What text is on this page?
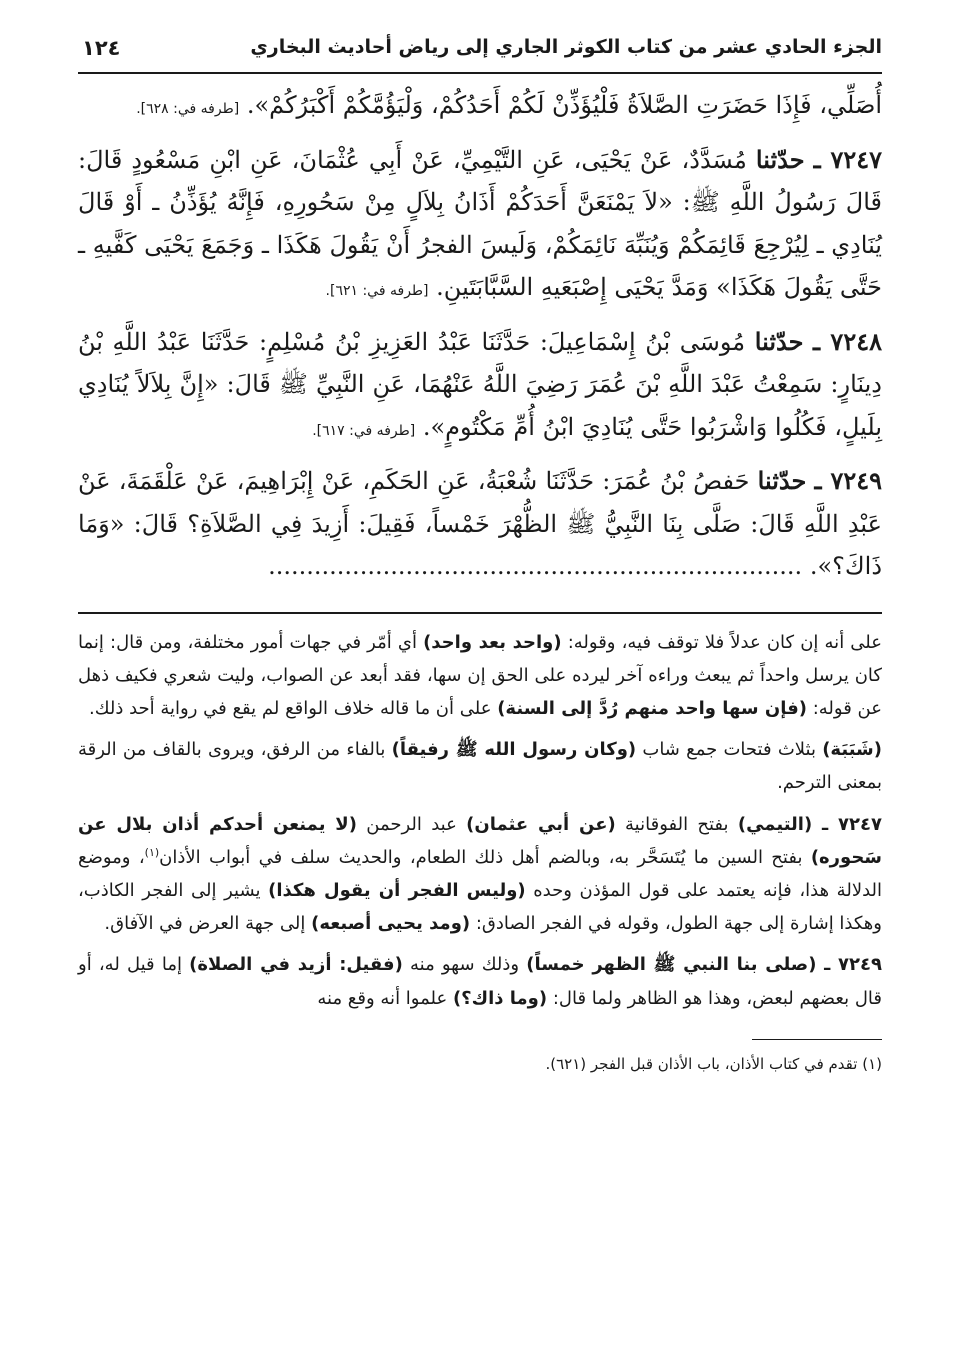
الجزء الحادي عشر من كتاب الكوثر الجاري إلى رياض أحاديث البخاري
١٢٤

أُصَلِّي، فَإِذَا حَضَرَتِ الصَّلاَةُ فَلْيُؤَذِّنْ لَكُمْ أَحَدُكُمْ، وَلْيَؤُمَّكُمْ أَكْبَرُكُمْ». [طرفه في: ٦٢٨].

٧٢٤٧ ـ حدّثنا مُسَدَّدٌ، عَنْ يَحْيَى، عَنِ التَّيْمِيِّ، عَنْ أَبِي عُثْمَانَ، عَنِ ابْنِ مَسْعُودٍ قَالَ: قَالَ رَسُولُ اللَّهِ ﷺ: «لاَ يَمْنَعَنَّ أَحَدَكُمْ أَذَانُ بِلاَلٍ مِنْ سَحُورِهِ، فَإِنَّهُ يُؤَذِّنُ ـ أَوْ قَالَ يُنَادِي ـ لِيُرْجِعَ قَائِمَكُمْ وَيُنَبِّهَ نَائِمَكُمْ، وَلَيسَ الفجرُ أَنْ يَقُولَ هَكَذَا ـ وَجَمَعَ يَحْيَى كَفَّيهِ ـ حَتَّى يَقُولَ هَكَذَا» وَمَدَّ يَحْيَى إِصْبَعَيهِ السَّبَّابَتَينِ. [طرفه في: ٦٢١].

٧٢٤٨ ـ حدّثنا مُوسَى بْنُ إِسْمَاعِيلَ: حَدَّثَنَا عَبْدُ العَزِيزِ بْنُ مُسْلِمٍ: حَدَّثَنَا عَبْدُ اللَّهِ بْنُ دِينَارٍ: سَمِعْتُ عَبْدَ اللَّهِ بْنَ عُمَرَ رَضِيَ اللَّهُ عَنْهُمَا، عَنِ النَّبِيِّ ﷺ قَالَ: «إِنَّ بِلاَلاً يُنَادِي بِلَيلٍ، فَكُلُوا وَاشْرَبُوا حَتَّى يُنَادِيَ ابْنُ أُمِّ مَكْتُومٍ». [طرفه في: ٦١٧].

٧٢٤٩ ـ حدّثنا حَفصُ بْنُ عُمَرَ: حَدَّثَنَا شُعْبَةُ، عَنِ الحَكَمِ، عَنْ إِبْرَاهِيمَ، عَنْ عَلْقَمَةَ، عَنْ عَبْدِ اللَّهِ قَالَ: صَلَّى بِنَا النَّبِيُّ ﷺ الظُّهْرَ خَمْساً، فَقِيلَ: أَزِيدَ فِي الصَّلاَةِ؟ قَالَ: «وَمَا ذَاكَ؟». ......................................................................

على أنه إن كان عدلاً فلا توقف فيه، وقوله: (واحد بعد واحد) أي أمّر في جهات أمور مختلفة، ومن قال: إنما كان يرسل واحداً ثم يبعث وراءه آخر ليرده على الحق إن سها، فقد أبعد عن الصواب، وليت شعري فكيف ذهل عن قوله: (فإن سها واحد منهم رُدَّ إلى السنة) على أن ما قاله خلاف الواقع لم يقع في رواية أحد ذلك.

(شَبَبَة) بثلاث فتحات جمع شاب (وكان رسول الله ﷺ رفيقاً) بالفاء من الرفق، ويروى بالقاف من الرقة بمعنى الترحم.

٧٢٤٧ ـ (التيمي) بفتح الفوقانية (عن أبي عثمان) عبد الرحمن (لا يمنعن أحدكم أذان بلال عن سَحوره) بفتح السين ما يُتَسَحَّر به، وبالضم أهل ذلك الطعام، والحديث سلف في أبواب الأذان$^{(١)}$، وموضع الدلالة هذا، فإنه يعتمد على قول المؤذن وحده (وليس الفجر أن يقول هكذا) يشير إلى الفجر الكاذب، وهكذا إشارة إلى جهة الطول، وقوله في الفجر الصادق: (ومد يحيى أصبعه) إلى جهة العرض في الآفاق.

٧٢٤٩ ـ (صلى بنا النبي ﷺ الظهر خمساً) وذلك سهو منه (فقيل: أزيد في الصلاة) إما قيل له، أو قال بعضهم لبعض، وهذا هو الظاهر ولما قال: (وما ذاك؟) علموا أنه وقع منه

(١) تقدم في كتاب الأذان، باب الأذان قبل الفجر (٦٢١).
